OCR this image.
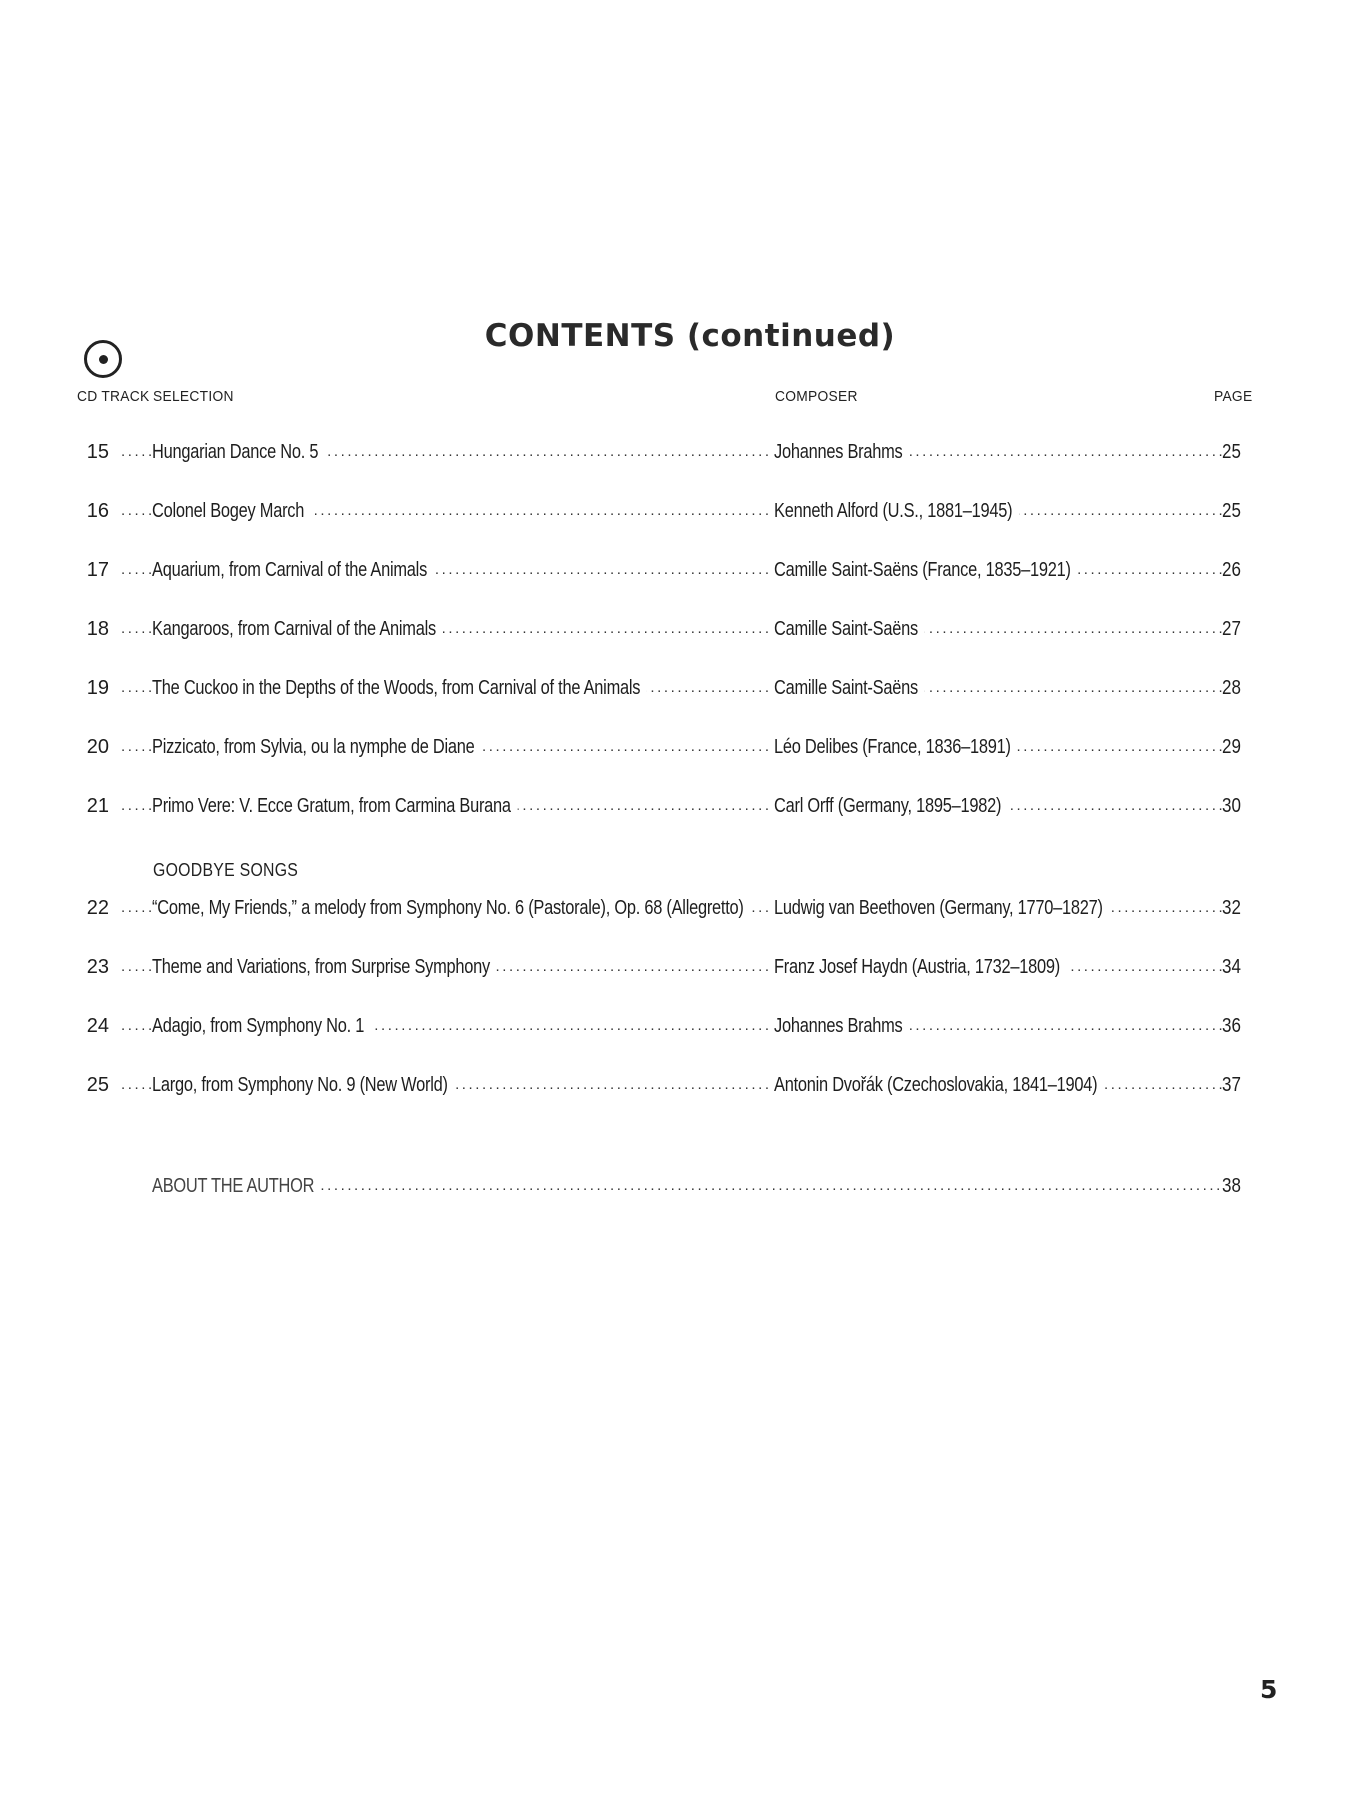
CONTENTS (continued)
CD TRACK SELECTION	COMPOSER	PAGE
15 . . . . . . . . . Hungarian Dance No. 5	Johannes Brahms	25
16 . . . . . . . . . Colonel Bogey March	Kenneth Alford (U.S., 1881–1945)	25
17 . . . . . . . . . Aquarium, from Carnival of the Animals	Camille Saint-Saëns (France, 1835–1921)	26
18 . . . . . . . . . Kangaroos, from Carnival of the Animals	Camille Saint-Saëns	27
19 . . . . . . . . . The Cuckoo in the Depths of the Woods, from Carnival of the Animals	Camille Saint-Saëns	28
20 . . . . . . . . . Pizzicato, from Sylvia, ou la nymphe de Diane	Léo Delibes (France, 1836–1891)	29
21 . . . . . . . . . Primo Vere: V. Ecce Gratum, from Carmina Burana	Carl Orff (Germany, 1895–1982)	30
GOODBYE SONGS
22 . . . . . . . . . “Come, My Friends,” a melody from Symphony No. 6 (Pastorale), Op. 68 (Allegretto)	Ludwig van Beethoven (Germany, 1770–1827)	32
23 . . . . . . . . . Theme and Variations, from Surprise Symphony	Franz Josef Haydn (Austria, 1732–1809)	34
24 . . . . . . . . . Adagio, from Symphony No. 1	Johannes Brahms	36
25 . . . . . . . . . Largo, from Symphony No. 9 (New World)	Antonin Dvořák (Czechoslovakia, 1841–1904)	37
. . .
ABOUT THE AUTHOR	38
5
